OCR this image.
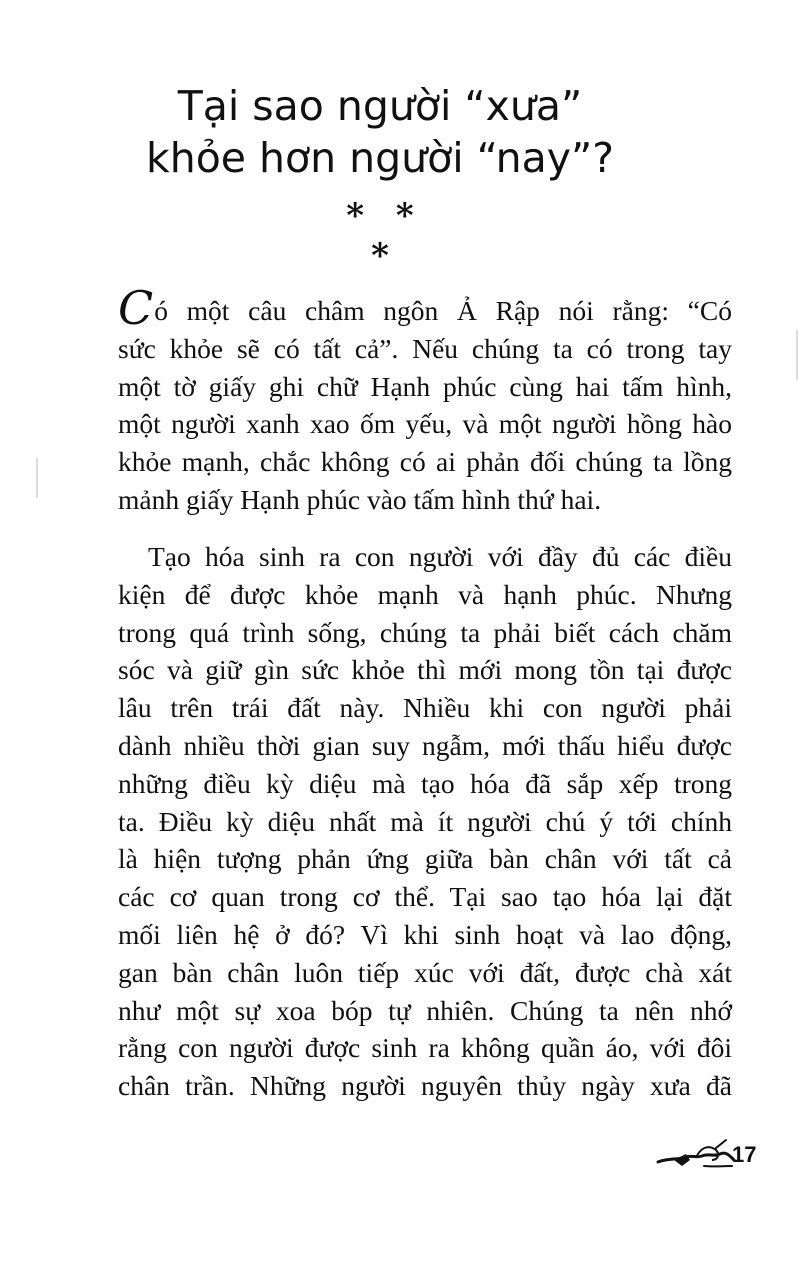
Tại sao người “xưa”
khỏe hơn người “nay”?
* * *
Có một câu châm ngôn Ả Rập nói rằng: “Có
sức khỏe sẽ có tất cả”. Nếu chúng ta có trong tay
một tờ giấy ghi chữ Hạnh phúc cùng hai tấm hình,
một người xanh xao ốm yếu, và một người hồng hào
khỏe mạnh, chắc không có ai phản đối chúng ta lồng
mảnh giấy Hạnh phúc vào tấm hình thứ hai.
Tạo hóa sinh ra con người với đầy đủ các điều
kiện để được khỏe mạnh và hạnh phúc. Nhưng
trong quá trình sống, chúng ta phải biết cách chăm
sóc và giữ gìn sức khỏe thì mới mong tồn tại được
lâu trên trái đất này. Nhiều khi con người phải
dành nhiều thời gian suy ngẫm, mới thấu hiểu được
những điều kỳ diệu mà tạo hóa đã sắp xếp trong
ta. Điều kỳ diệu nhất mà ít người chú ý tới chính
là hiện tượng phản ứng giữa bàn chân với tất cả
các cơ quan trong cơ thể. Tại sao tạo hóa lại đặt
mối liên hệ ở đó? Vì khi sinh hoạt và lao động,
gan bàn chân luôn tiếp xúc với đất, được chà xát
như một sự xoa bóp tự nhiên. Chúng ta nên nhớ
rằng con người được sinh ra không quần áo, với đôi
chân trần. Những người nguyên thủy ngày xưa đã
17
